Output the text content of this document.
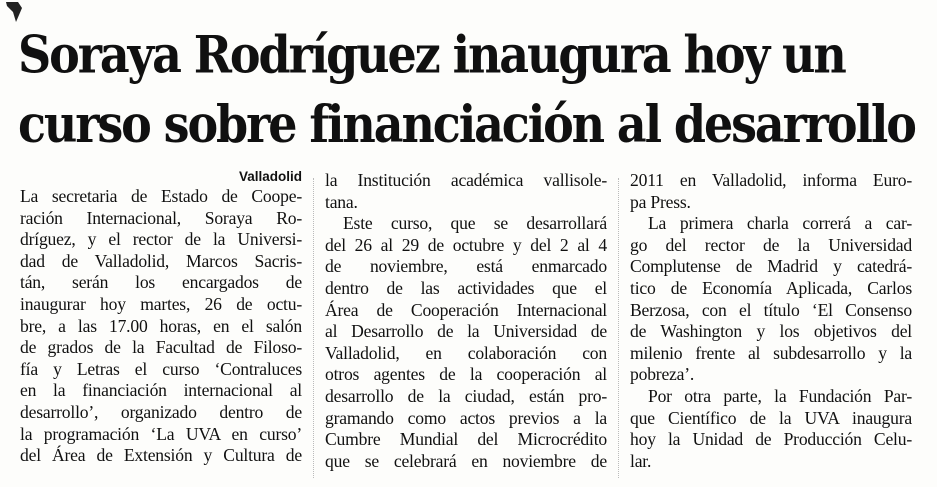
Soraya Rodríguez inaugura hoy un
curso sobre financiación al desarrollo
Valladolid
La secretaria de Estado de Coope-
ración Internacional, Soraya Ro-
dríguez, y el rector de la Universi-
dad de Valladolid, Marcos Sacris-
tán, serán los encargados de
inaugurar hoy martes, 26 de octu-
bre, a las 17.00 horas, en el salón
de grados de la Facultad de Filoso-
fía y Letras el curso ‘Contraluces
en la financiación internacional al
desarrollo’, organizado dentro de
la programación ‘La UVA en curso’
del Área de Extensión y Cultura de
la Institución académica vallisole-
tana.
Este curso, que se desarrollará
del 26 al 29 de octubre y del 2 al 4
de noviembre, está enmarcado
dentro de las actividades que el
Área de Cooperación Internacional
al Desarrollo de la Universidad de
Valladolid, en colaboración con
otros agentes de la cooperación al
desarrollo de la ciudad, están pro-
gramando como actos previos a la
Cumbre Mundial del Microcrédito
que se celebrará en noviembre de
2011 en Valladolid, informa Euro-
pa Press.
La primera charla correrá a car-
go del rector de la Universidad
Complutense de Madrid y catedrá-
tico de Economía Aplicada, Carlos
Berzosa, con el título ‘El Consenso
de Washington y los objetivos del
milenio frente al subdesarrollo y la
pobreza’.
Por otra parte, la Fundación Par-
que Científico de la UVA inaugura
hoy la Unidad de Producción Celu-
lar.
